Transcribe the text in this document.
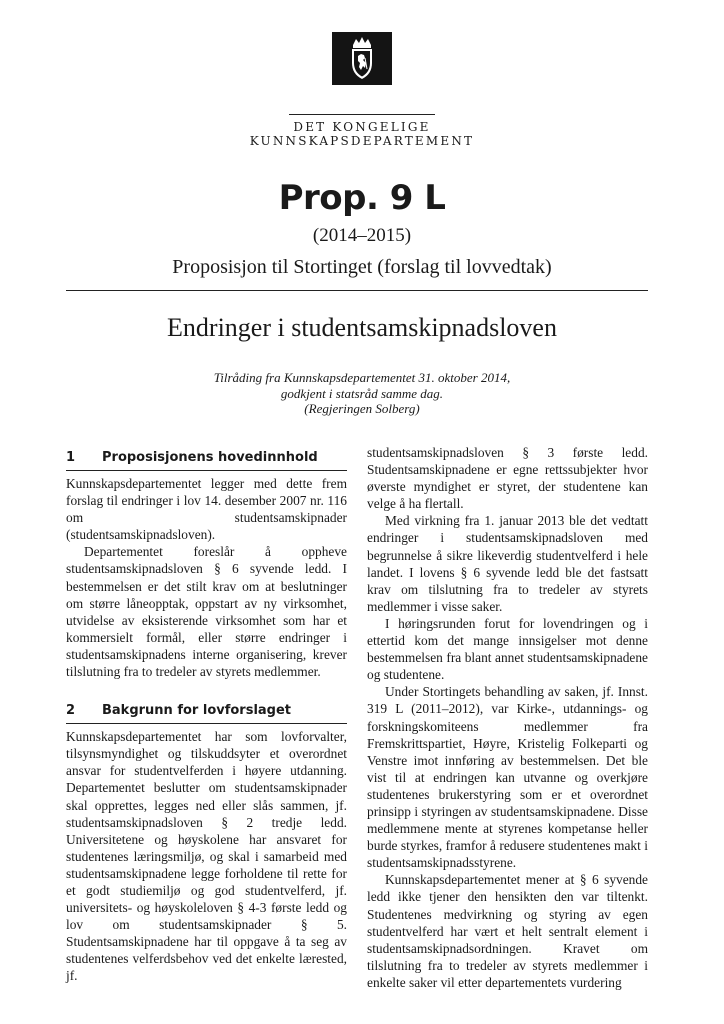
DET KONGELIGE
KUNNSKAPSDEPARTEMENT
Prop. 9 L
(2014–2015)
Proposisjon til Stortinget (forslag til lovvedtak)
Endringer i studentsamskipnadsloven
Tilråding fra Kunnskapsdepartementet 31. oktober 2014,
godkjent i statsråd samme dag.
(Regjeringen Solberg)
1	Proposisjonens hovedinnhold

Kunnskapsdepartementet legger med dette frem forslag til endringer i lov 14. desember 2007 nr. 116 om studentsamskipnader (studentsamskipnadsloven).

Departementet foreslår å oppheve studentsamskipnadsloven § 6 syvende ledd. I bestemmelsen er det stilt krav om at beslutninger om større låneopptak, oppstart av ny virksomhet, utvidelse av eksisterende virksomhet som har et kommersielt formål, eller større endringer i studentsamskipnadens interne organisering, krever tilslutning fra to tredeler av styrets medlemmer.

2	Bakgrunn for lovforslaget

Kunnskapsdepartementet har som lovforvalter, tilsynsmyndighet og tilskuddsyter et overordnet ansvar for studentvelferden i høyere utdanning. Departementet beslutter om studentsamskipnader skal opprettes, legges ned eller slås sammen, jf. studentsamskipnadsloven § 2 tredje ledd. Universitetene og høyskolene har ansvaret for studentenes læringsmiljø, og skal i samarbeid med studentsamskipnadene legge forholdene til rette for et godt studiemiljø og god studentvelferd, jf. universitets- og høyskoleloven § 4-3 første ledd og lov om studentsamskipnader § 5. Studentsamskipnadene har til oppgave å ta seg av studentenes velferdsbehov ved det enkelte lærested, jf.

studentsamskipnadsloven § 3 første ledd. Studentsamskipnadene er egne rettssubjekter hvor øverste myndighet er styret, der studentene kan velge å ha flertall.

Med virkning fra 1. januar 2013 ble det vedtatt endringer i studentsamskipnadsloven med begrunnelse å sikre likeverdig studentvelferd i hele landet. I lovens § 6 syvende ledd ble det fastsatt krav om tilslutning fra to tredeler av styrets medlemmer i visse saker.

I høringsrunden forut for lovendringen og i ettertid kom det mange innsigelser mot denne bestemmelsen fra blant annet studentsamskipnadene og studentene.

Under Stortingets behandling av saken, jf. Innst. 319 L (2011–2012), var Kirke-, utdannings- og forskningskomiteens medlemmer fra Fremskrittspartiet, Høyre, Kristelig Folkeparti og Venstre imot innføring av bestemmelsen. Det ble vist til at endringen kan utvanne og overkjøre studentenes brukerstyring som er et overordnet prinsipp i styringen av studentsamskipnadene. Disse medlemmene mente at styrenes kompetanse heller burde styrkes, framfor å redusere studentenes makt i studentsamskipnadsstyrene.

Kunnskapsdepartementet mener at § 6 syvende ledd ikke tjener den hensikten den var tiltenkt. Studentenes medvirkning og styring av egen studentvelferd har vært et helt sentralt element i studentsamskipnadsordningen. Kravet om tilslutning fra to tredeler av styrets medlemmer i enkelte saker vil etter departementets vurdering
